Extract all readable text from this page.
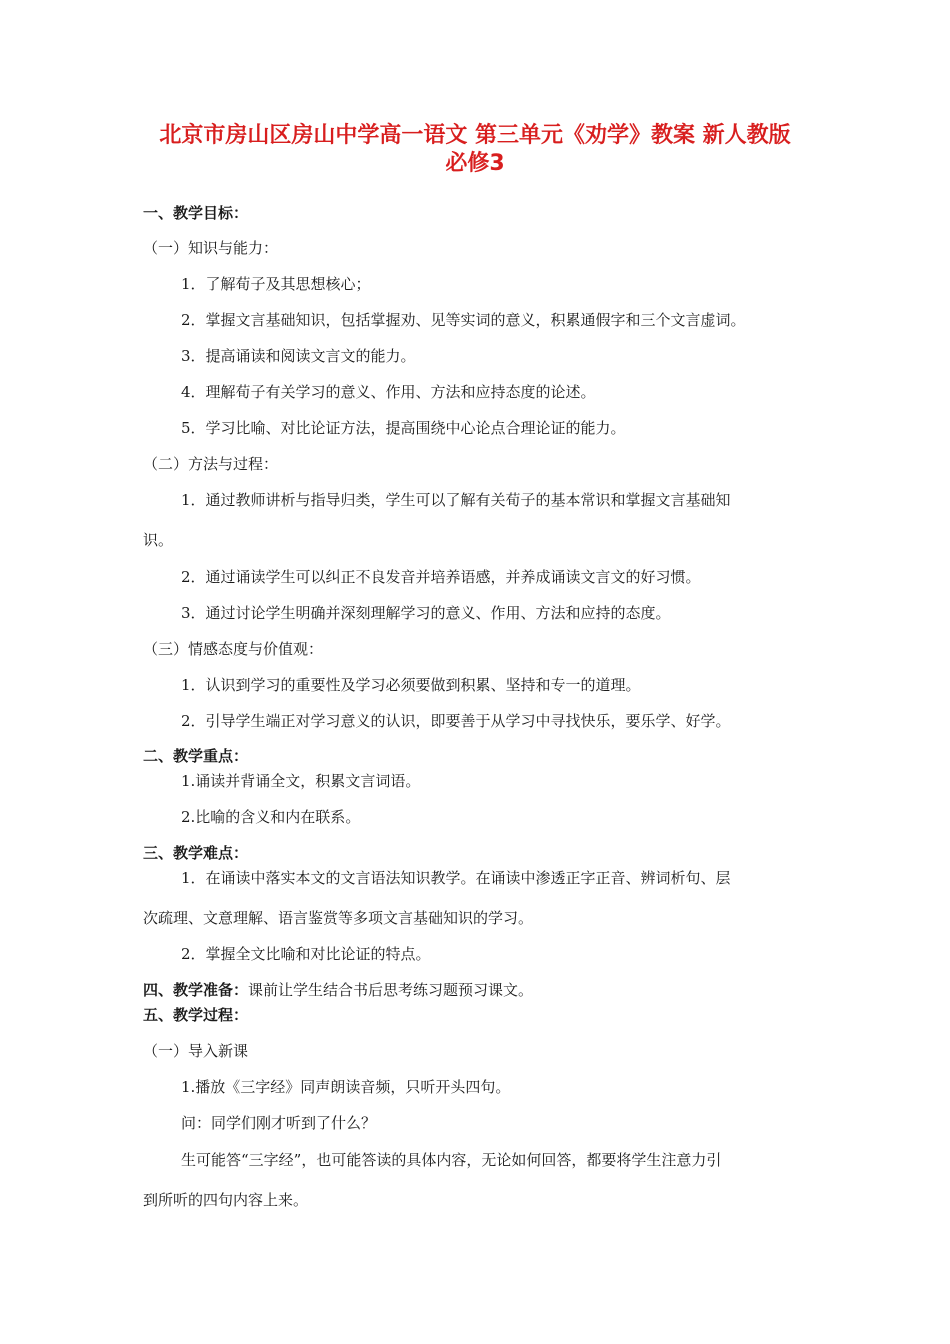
北京市房山区房山中学高一语文 第三单元《劝学》教案 新人教版
必修3
一、教学目标：
（一）知识与能力：
1．了解荀子及其思想核心；
2．掌握文言基础知识，包括掌握劝、见等实词的意义，积累通假字和三个文言虚词。
3．提高诵读和阅读文言文的能力。
4．理解荀子有关学习的意义、作用、方法和应持态度的论述。
5．学习比喻、对比论证方法，提高围绕中心论点合理论证的能力。
（二）方法与过程：
1．通过教师讲析与指导归类，学生可以了解有关荀子的基本常识和掌握文言基础知
识。
2．通过诵读学生可以纠正不良发音并培养语感，并养成诵读文言文的好习惯。
3．通过讨论学生明确并深刻理解学习的意义、作用、方法和应持的态度。
（三）情感态度与价值观：
1．认识到学习的重要性及学习必须要做到积累、坚持和专一的道理。
2．引导学生端正对学习意义的认识，即要善于从学习中寻找快乐，要乐学、好学。
二、教学重点：
1.诵读并背诵全文，积累文言词语。
2.比喻的含义和内在联系。
三、教学难点：
1．在诵读中落实本文的文言语法知识教学。在诵读中渗透正字正音、辨词析句、层
次疏理、文意理解、语言鉴赏等多项文言基础知识的学习。
2．掌握全文比喻和对比论证的特点。
四、教学准备：课前让学生结合书后思考练习题预习课文。
五、教学过程：
（一）导入新课
1.播放《三字经》同声朗读音频，只听开头四句。
问：同学们刚才听到了什么？
生可能答“三字经”，也可能答读的具体内容，无论如何回答，都要将学生注意力引
到所听的四句内容上来。
